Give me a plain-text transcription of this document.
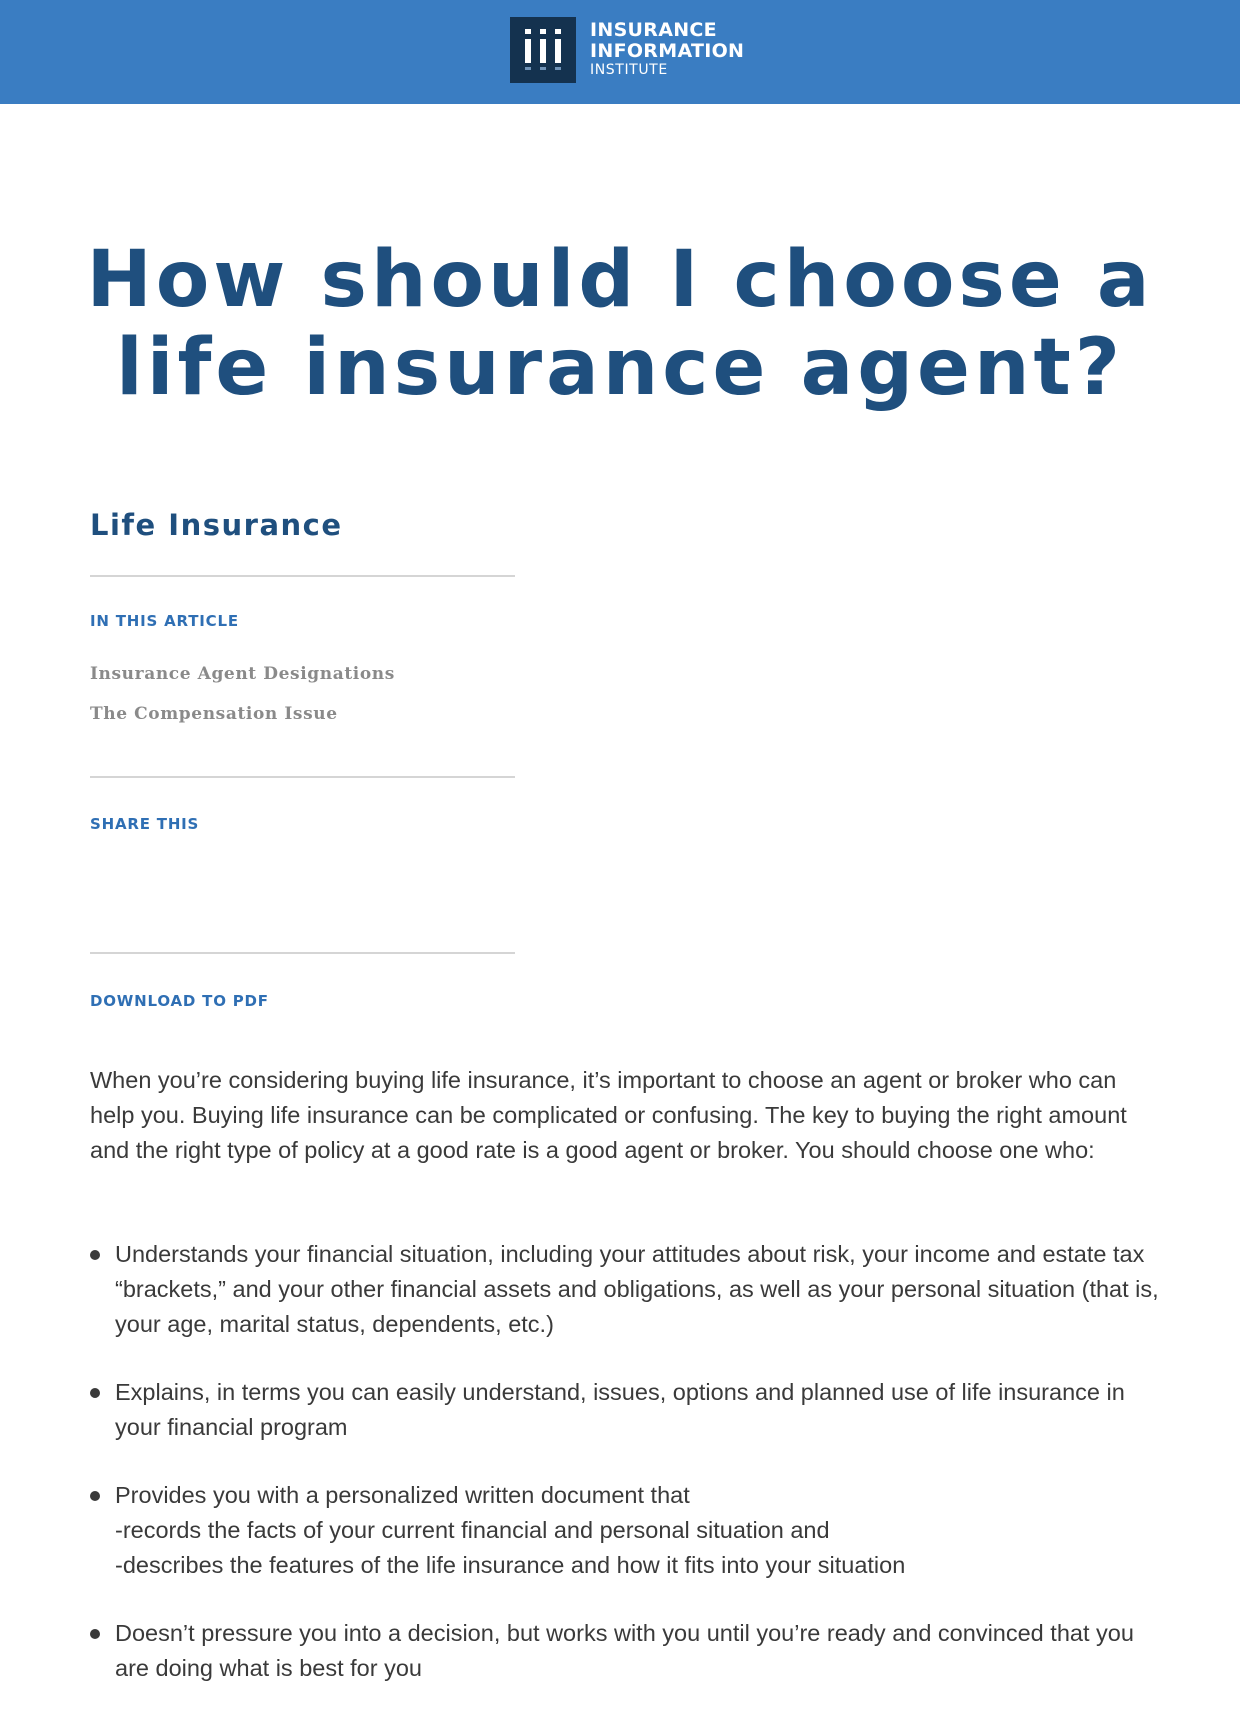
INSURANCE
INFORMATION
INSTITUTE
How should I choose a
life insurance agent?
Life Insurance
IN THIS ARTICLE
Insurance Agent Designations
The Compensation Issue
SHARE THIS
DOWNLOAD TO PDF

When you’re considering buying life insurance, it’s important to choose an agent or broker who can help you. Buying life insurance can be complicated or confusing. The key to buying the right amount and the right type of policy at a good rate is a good agent or broker. You should choose one who:

Understands your financial situation, including your attitudes about risk, your income and estate tax “brackets,” and your other financial assets and obligations, as well as your personal situation (that is, your age, marital status, dependents, etc.)
Explains, in terms you can easily understand, issues, options and planned use of life insurance in your financial program
Provides you with a personalized written document that
-records the facts of your current financial and personal situation and
-describes the features of the life insurance and how it fits into your situation
Doesn’t pressure you into a decision, but works with you until you’re ready and convinced that you are doing what is best for you
